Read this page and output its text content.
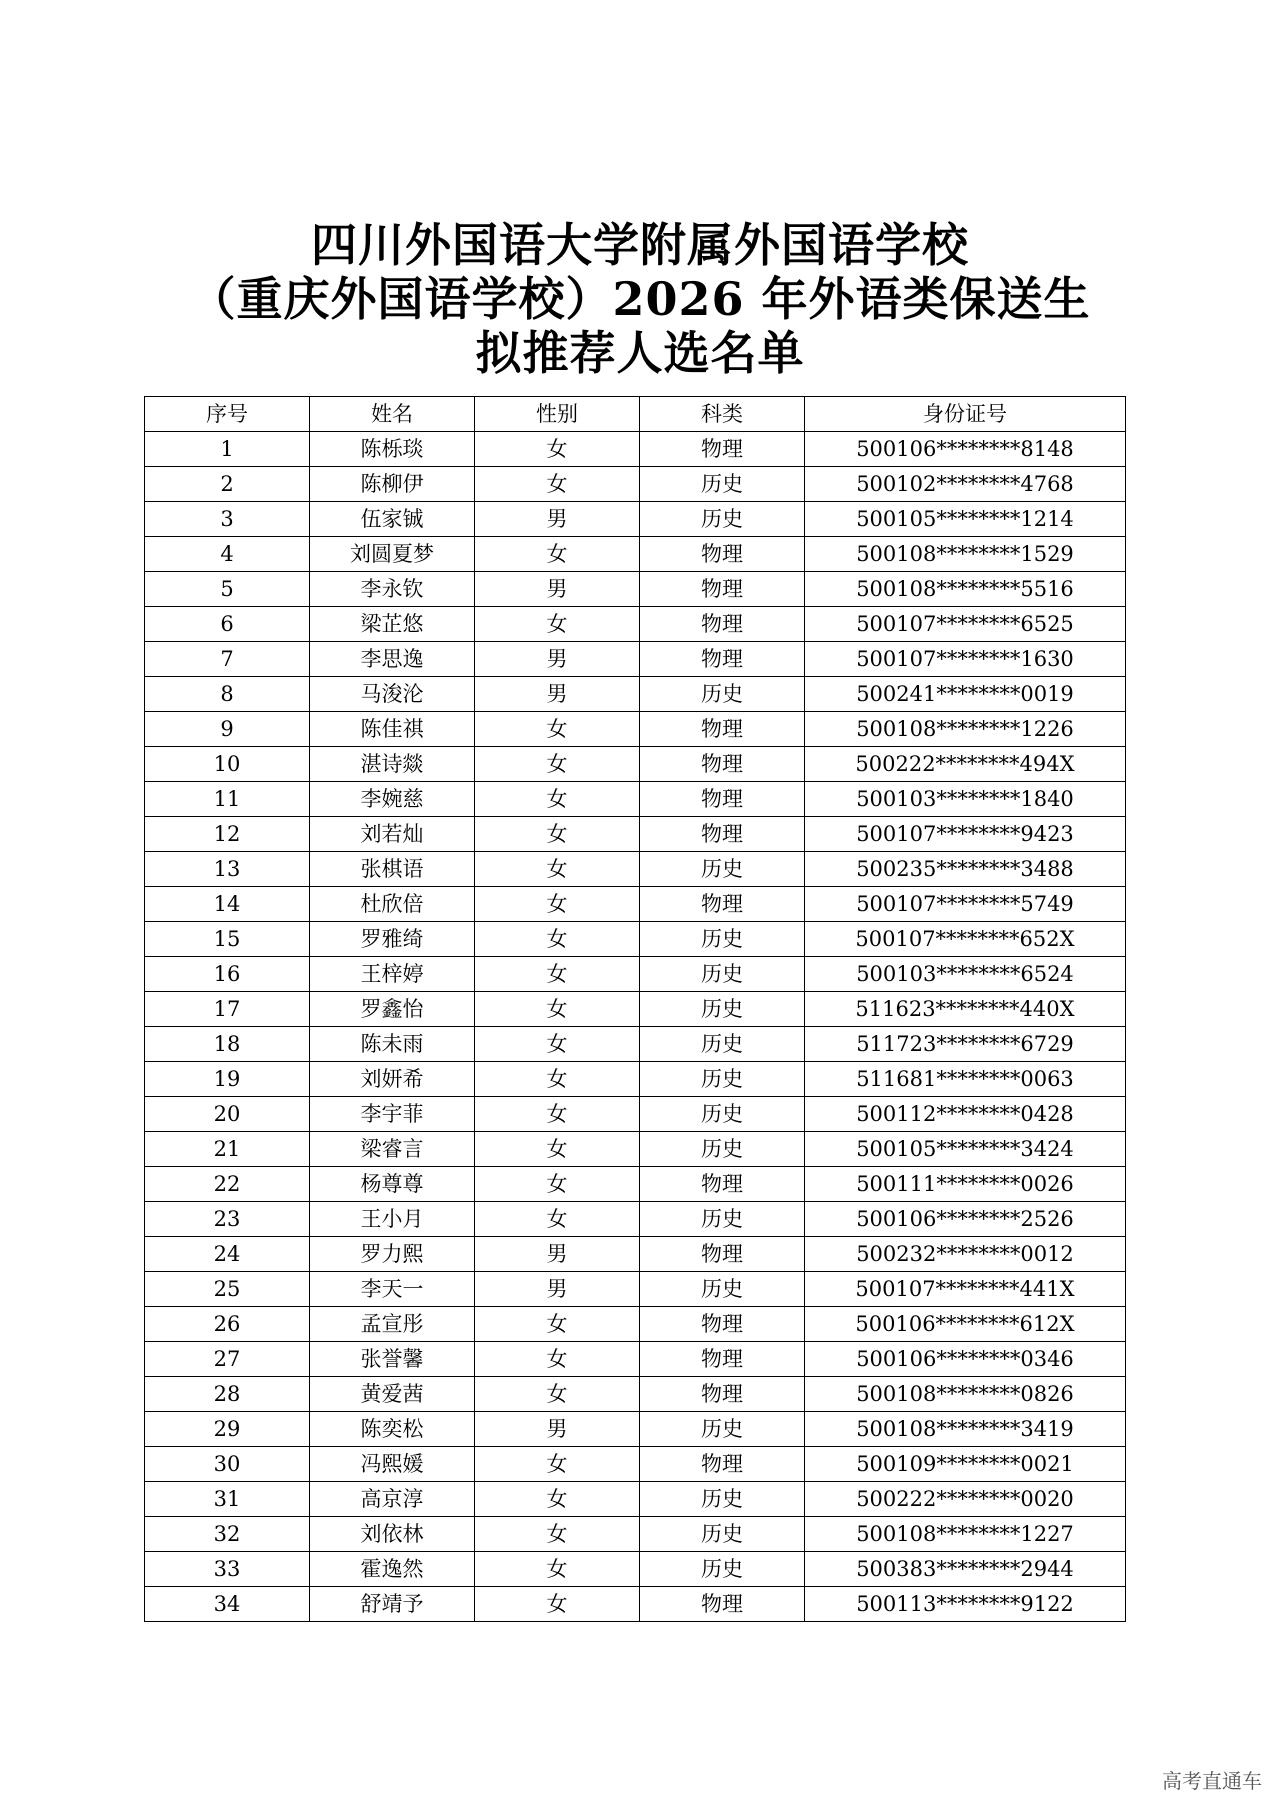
四川外国语大学附属外国语学校
（重庆外国语学校）2026 年外语类保送生
拟推荐人选名单
序号	姓名	性别	科类	身份证号
1	陈栎琰	女	物理	500106********8148
2	陈柳伊	女	历史	500102********4768
3	伍家铖	男	历史	500105********1214
4	刘圆夏梦	女	物理	500108********1529
5	李永钦	男	物理	500108********5516
6	梁芷悠	女	物理	500107********6525
7	李思逸	男	物理	500107********1630
8	马浚沦	男	历史	500241********0019
9	陈佳祺	女	物理	500108********1226
10	湛诗燚	女	物理	500222********494X
11	李婉慈	女	物理	500103********1840
12	刘若灿	女	物理	500107********9423
13	张棋语	女	历史	500235********3488
14	杜欣倍	女	物理	500107********5749
15	罗雅绮	女	历史	500107********652X
16	王梓婷	女	历史	500103********6524
17	罗鑫怡	女	历史	511623********440X
18	陈未雨	女	历史	511723********6729
19	刘妍希	女	历史	511681********0063
20	李宇菲	女	历史	500112********0428
21	梁睿言	女	历史	500105********3424
22	杨尊尊	女	物理	500111********0026
23	王小月	女	历史	500106********2526
24	罗力熙	男	物理	500232********0012
25	李天一	男	历史	500107********441X
26	孟宣彤	女	物理	500106********612X
27	张誉馨	女	物理	500106********0346
28	黄爱茜	女	物理	500108********0826
29	陈奕松	男	历史	500108********3419
30	冯熙媛	女	物理	500109********0021
31	高京淳	女	历史	500222********0020
32	刘依林	女	历史	500108********1227
33	霍逸然	女	历史	500383********2944
34	舒靖予	女	物理	500113********9122
高考直通车
